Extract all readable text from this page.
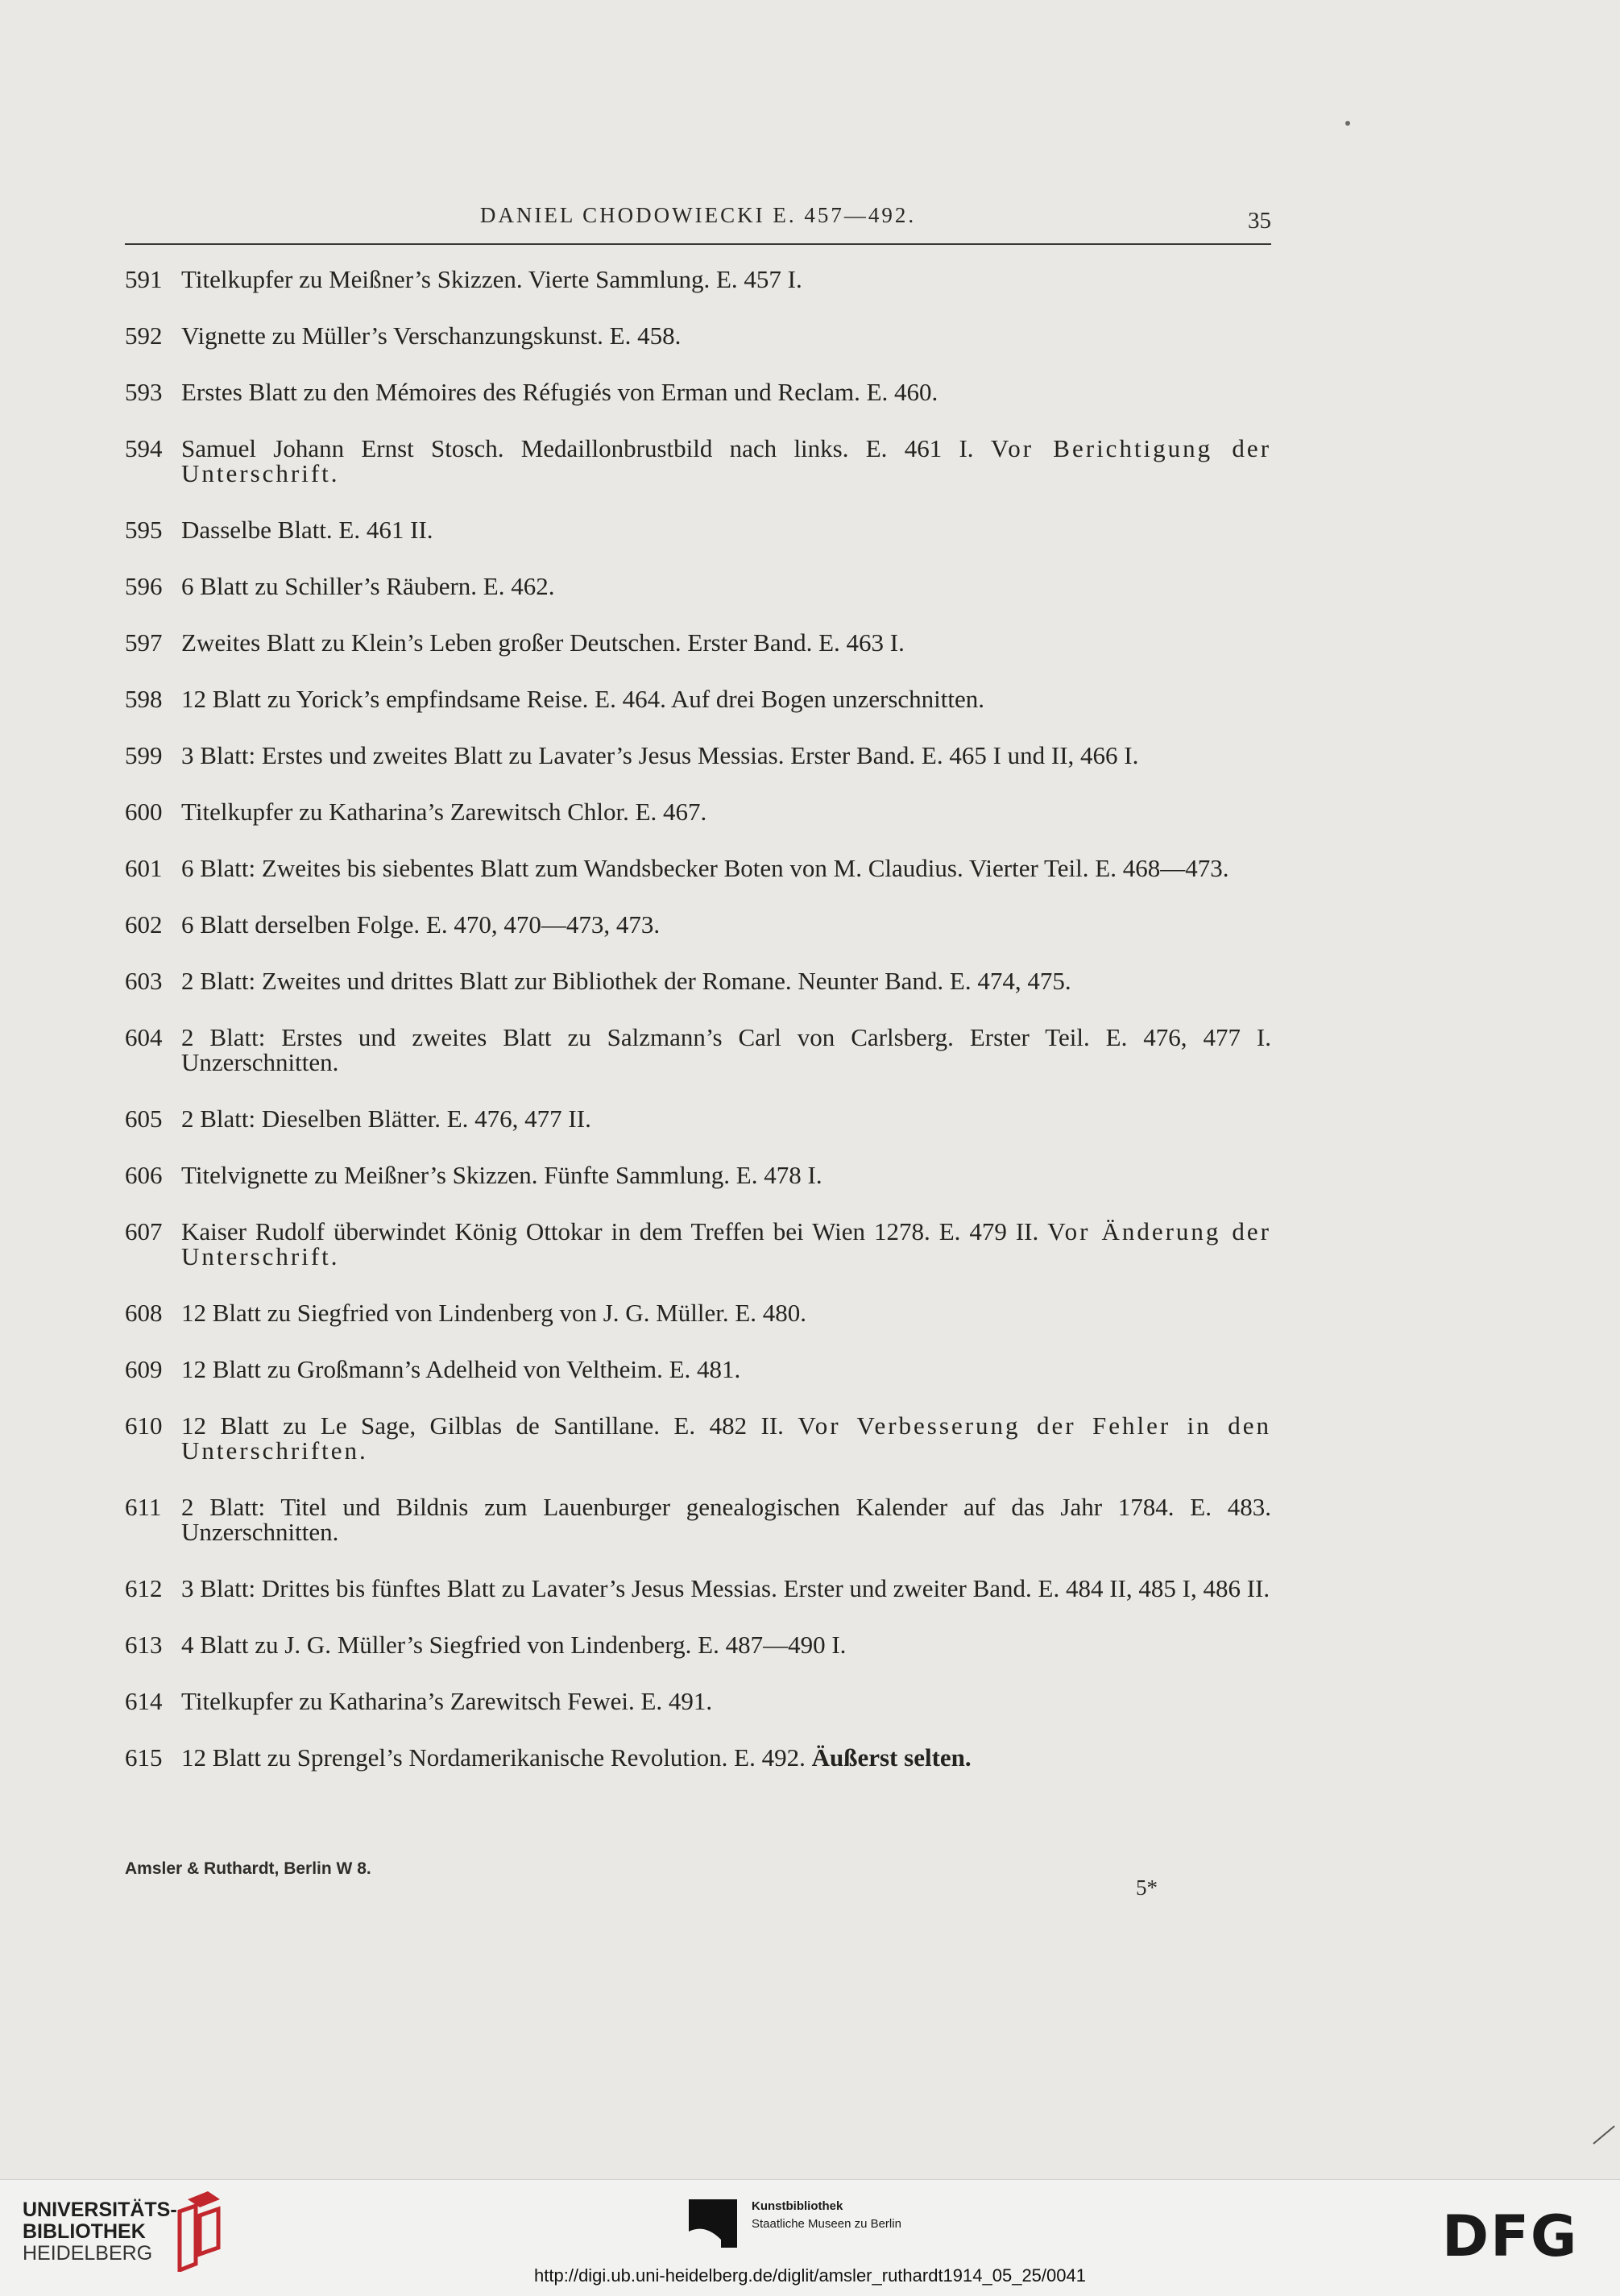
DANIEL CHODOWIECKI E. 457—492.	35
591 Titelkupfer zu Meißner’s Skizzen. Vierte Sammlung. E. 457 I.
592 Vignette zu Müller’s Verschanzungskunst. E. 458.
593 Erstes Blatt zu den Mémoires des Réfugiés von Erman und Reclam. E. 460.
594 Samuel Johann Ernst Stosch. Medaillonbrustbild nach links. E. 461 I. Vor Berichtigung der Unterschrift.
595 Dasselbe Blatt. E. 461 II.
596 6 Blatt zu Schiller’s Räubern. E. 462.
597 Zweites Blatt zu Klein’s Leben großer Deutschen. Erster Band. E. 463 I.
598 12 Blatt zu Yorick’s empfindsame Reise. E. 464. Auf drei Bogen unzerschnitten.
599 3 Blatt: Erstes und zweites Blatt zu Lavater’s Jesus Messias. Erster Band. E. 465 I und II, 466 I.
600 Titelkupfer zu Katharina’s Zarewitsch Chlor. E. 467.
601 6 Blatt: Zweites bis siebentes Blatt zum Wandsbecker Boten von M. Claudius. Vierter Teil. E. 468—473.
602 6 Blatt derselben Folge. E. 470, 470—473, 473.
603 2 Blatt: Zweites und drittes Blatt zur Bibliothek der Romane. Neunter Band. E. 474, 475.
604 2 Blatt: Erstes und zweites Blatt zu Salzmann’s Carl von Carlsberg. Erster Teil. E. 476, 477 I. Unzerschnitten.
605 2 Blatt: Dieselben Blätter. E. 476, 477 II.
606 Titelvignette zu Meißner’s Skizzen. Fünfte Sammlung. E. 478 I.
607 Kaiser Rudolf überwindet König Ottokar in dem Treffen bei Wien 1278. E. 479 II. Vor Änderung der Unterschrift.
608 12 Blatt zu Siegfried von Lindenberg von J. G. Müller. E. 480.
609 12 Blatt zu Großmann’s Adelheid von Veltheim. E. 481.
610 12 Blatt zu Le Sage, Gilblas de Santillane. E. 482 II. Vor Verbesserung der Fehler in den Unterschriften.
611 2 Blatt: Titel und Bildnis zum Lauenburger genealogischen Kalender auf das Jahr 1784. E. 483. Unzerschnitten.
612 3 Blatt: Drittes bis fünftes Blatt zu Lavater’s Jesus Messias. Erster und zweiter Band. E. 484 II, 485 I, 486 II.
613 4 Blatt zu J. G. Müller’s Siegfried von Lindenberg. E. 487—490 I.
614 Titelkupfer zu Katharina’s Zarewitsch Fewei. E. 491.
615 12 Blatt zu Sprengel’s Nordamerikanische Revolution. E. 492. Äußerst selten.
Amsler & Ruthardt, Berlin W 8.
5*
UNIVERSITÄTS-
BIBLIOTHEK
HEIDELBERG
Kunstbibliothek
Staatliche Museen zu Berlin	DFG
http://digi.ub.uni-heidelberg.de/diglit/amsler_ruthardt1914_05_25/0041
